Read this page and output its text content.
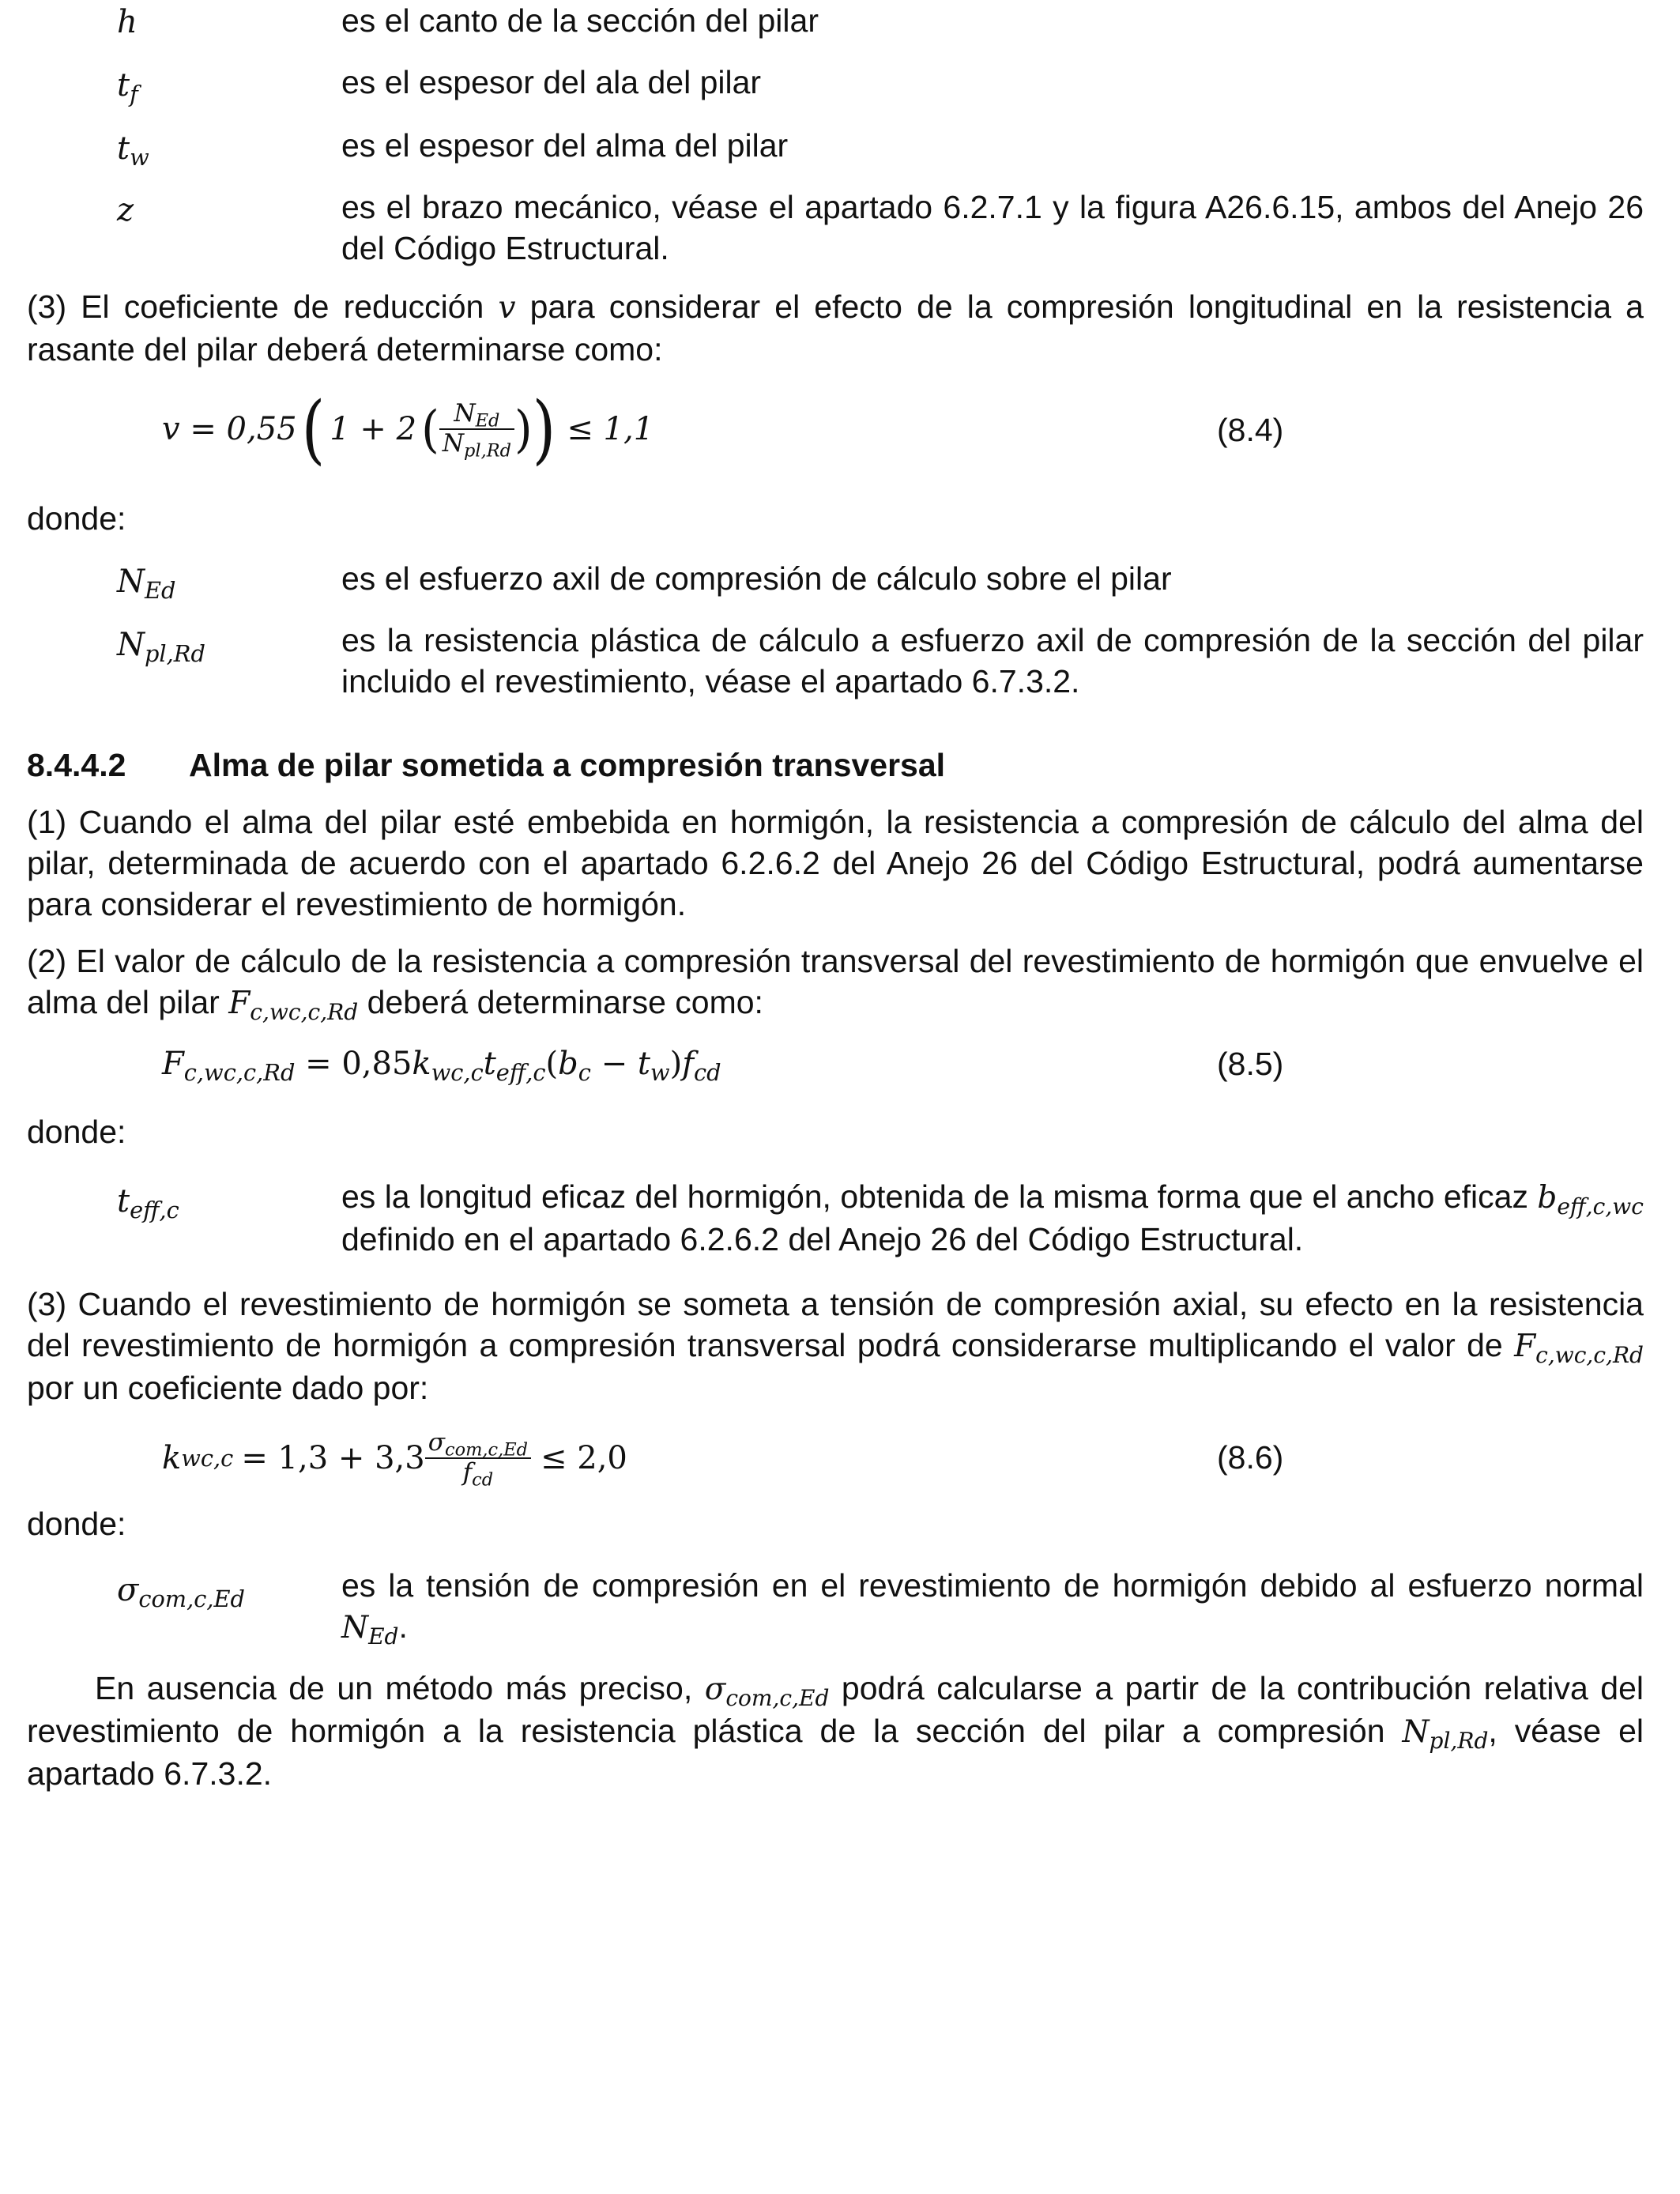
h	es el canto de la sección del pilar
$t_f$	es el espesor del ala del pilar
$t_w$	es el espesor del alma del pilar
z	es el brazo mecánico, véase el apartado 6.2.7.1 y la figura A26.6.15, ambos del Anejo 26 del Código Estructural.
(3) El coeficiente de reducción v para considerar el efecto de la compresión longitudinal en la resistencia a rasante del pilar deberá determinarse como:
v = 0,55 ( 1 + 2 ( $\frac{N_{Ed}}{N_{pl,Rd}}$ ) ) ≤ 1,1	(8.4)
donde:
$N_{Ed}$	es el esfuerzo axil de compresión de cálculo sobre el pilar
$N_{pl,Rd}$	es la resistencia plástica de cálculo a esfuerzo axil de compresión de la sección del pilar incluido el revestimiento, véase el apartado 6.7.3.2.
8.4.4.2 Alma de pilar sometida a compresión transversal
(1) Cuando el alma del pilar esté embebida en hormigón, la resistencia a compresión de cálculo del alma del pilar, determinada de acuerdo con el apartado 6.2.6.2 del Anejo 26 del Código Estructural, podrá aumentarse para considerar el revestimiento de hormigón.
(2) El valor de cálculo de la resistencia a compresión transversal del revestimiento de hormigón que envuelve el alma del pilar $F_{c,wc,c,Rd}$ deberá determinarse como:
$F_{c,wc,c,Rd} = 0,85k_{wc,c}t_{eff,c}(b_c - t_w)f_{cd}$	(8.5)
donde:
$t_{eff,c}$	es la longitud eficaz del hormigón, obtenida de la misma forma que el ancho eficaz $b_{eff,c,wc}$ definido en el apartado 6.2.6.2 del Anejo 26 del Código Estructural.
(3) Cuando el revestimiento de hormigón se someta a tensión de compresión axial, su efecto en la resistencia del revestimiento de hormigón a compresión transversal podrá considerarse multiplicando el valor de $F_{c,wc,c,Rd}$ por un coeficiente dado por:
k $wc,c = 1,3 + 3,3 \frac{\sigma_{com,c,Ed}}{f_{cd}} \le 2,0$	(8.6)
donde:
$\sigma_{com,c,Ed}$	es la tensión de compresión en el revestimiento de hormigón debido al esfuerzo normal $N_{Ed}$.
En ausencia de un método más preciso, $\sigma_{com,c,Ed}$ podrá calcularse a partir de la contribución relativa del revestimiento de hormigón a la resistencia plástica de la sección del pilar a compresión $N_{pl,Rd}$, véase el apartado 6.7.3.2.
